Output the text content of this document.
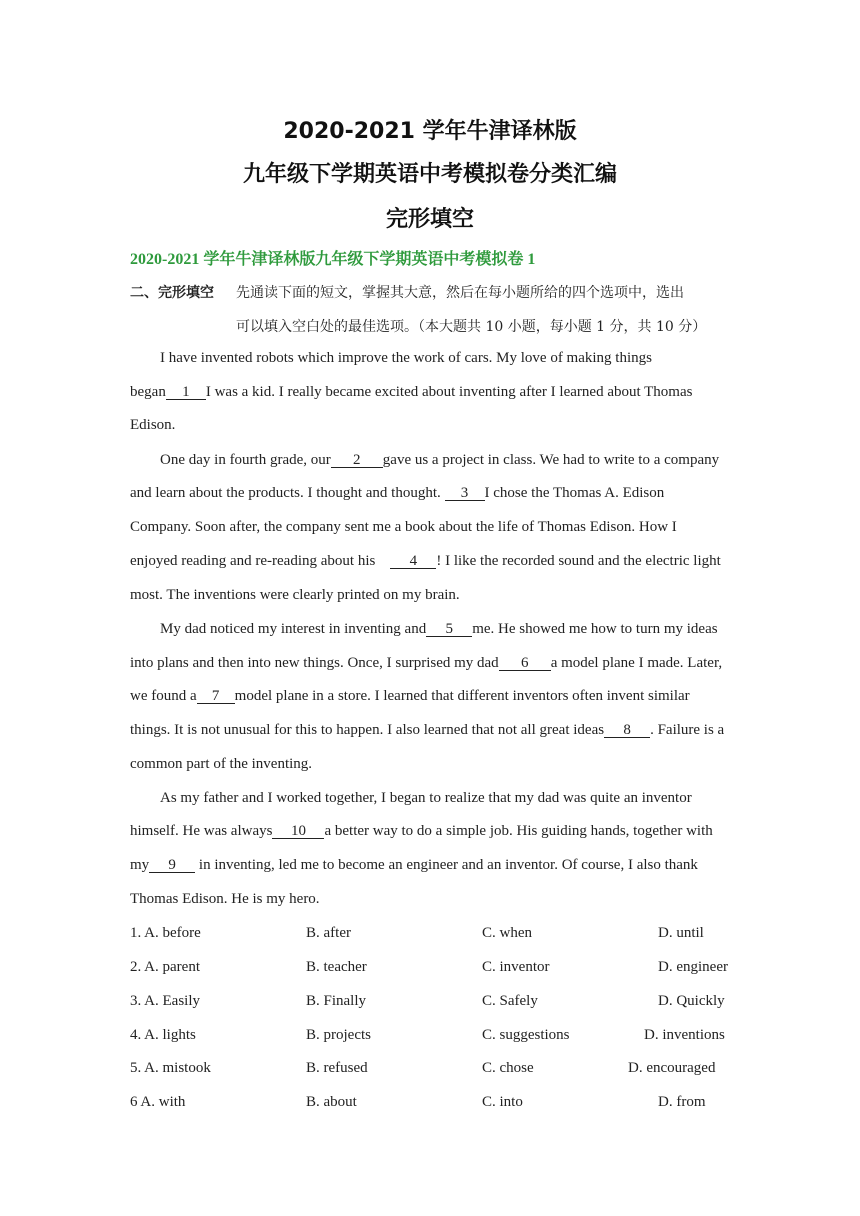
2020-2021 学年牛津译林版
九年级下学期英语中考模拟卷分类汇编
完形填空
2020-2021 学年牛津译林版九年级下学期英语中考模拟卷 1
二、完形填空 先通读下面的短文，掌握其大意，然后在每小题所给的四个选项中，选出
可以填入空白处的最佳选项。（本大题共 10 小题，每小题 1 分，共 10 分）
I have invented robots which improve the work of cars. My love of making things
began 1 I was a kid. I really became excited about inventing after I learned about Thomas
Edison.
One day in fourth grade, our 2 gave us a project in class. We had to write to a company
and learn about the products. I thought and thought. 3 I chose the Thomas A. Edison
Company. Soon after, the company sent me a book about the life of Thomas Edison. How I
enjoyed reading and re-reading about his 4 ! I like the recorded sound and the electric light
most. The inventions were clearly printed on my brain.
My dad noticed my interest in inventing and 5 me. He showed me how to turn my ideas
into plans and then into new things. Once, I surprised my dad 6 a model plane I made. Later,
we found a 7 model plane in a store. I learned that different inventors often invent similar
things. It is not unusual for this to happen. I also learned that not all great ideas 8 . Failure is a
common part of the inventing.
As my father and I worked together, I began to realize that my dad was quite an inventor
himself. He was always 10 a better way to do a simple job. His guiding hands, together with
my 9 in inventing, led me to become an engineer and an inventor. Of course, I also thank
Thomas Edison. He is my hero.
1. A. before	B. after	C. when	D. until
2. A. parent	B. teacher	C. inventor	D. engineer
3. A. Easily	B. Finally	C. Safely	D. Quickly
4. A. lights	B. projects	C. suggestions	D. inventions
5. A. mistook	B. refused	C. chose	D. encouraged
6 A. with	B. about	C. into	D. from
